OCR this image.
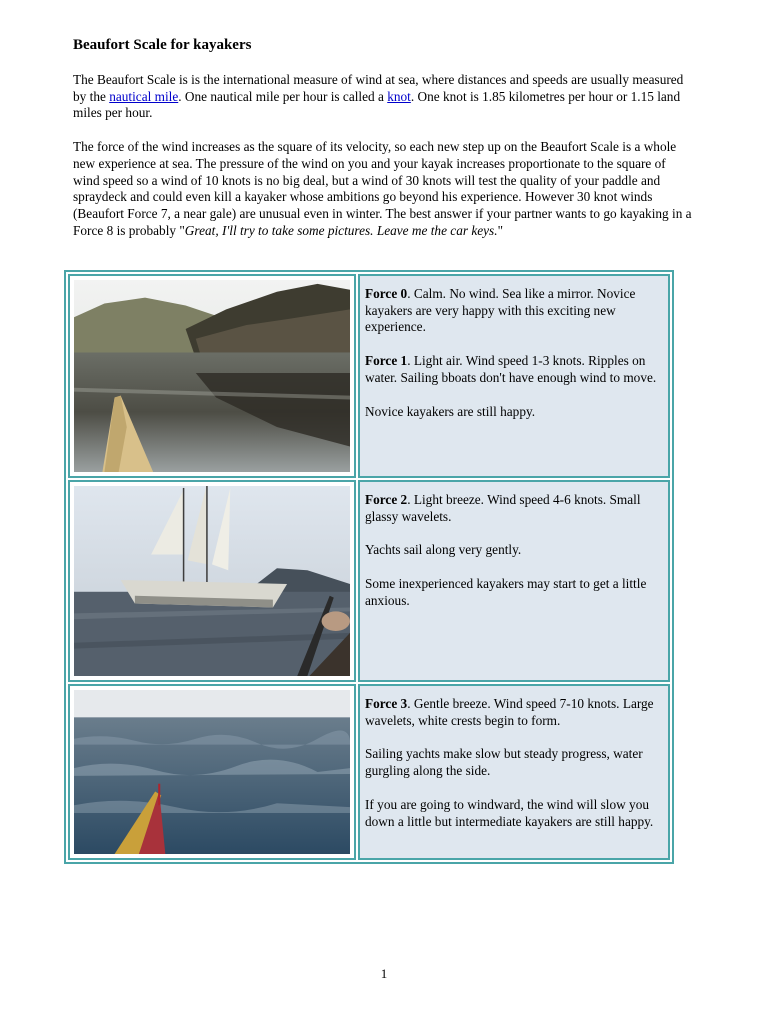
Beaufort Scale for kayakers

The Beaufort Scale is is the international measure of wind at sea, where distances and speeds are usually measured by the nautical mile. One nautical mile per hour is called a knot. One knot is 1.85 kilometres per hour or 1.15 land miles per hour.

The force of the wind increases as the square of its velocity, so each new step up on the Beaufort Scale is a whole new experience at sea. The pressure of the wind on you and your kayak increases proportionate to the square of wind speed so a wind of 10 knots is no big deal, but a wind of 30 knots will test the quality of your paddle and spraydeck and could even kill a kayaker whose ambitions go beyond his experience. However 30 knot winds (Beaufort Force 7, a near gale) are unusual even in winter. The best answer if your partner wants to go kayaking in a Force 8 is probably "Great, I'll try to take some pictures. Leave me the car keys."

Force 0. Calm. No wind. Sea like a mirror. Novice kayakers are very happy with this exciting new experience.

Force 1. Light air. Wind speed 1-3 knots. Ripples on water. Sailing bboats don't have enough wind to move.

Novice kayakers are still happy.

Force 2. Light breeze. Wind speed 4-6 knots. Small glassy wavelets.

Yachts sail along very gently.

Some inexperienced kayakers may start to get a little anxious.

Force 3. Gentle breeze. Wind speed 7-10 knots. Large wavelets, white crests begin to form.

Sailing yachts make slow but steady progress, water gurgling along the side.

If you are going to windward, the wind will slow you down a little but intermediate kayakers are still happy.

1
